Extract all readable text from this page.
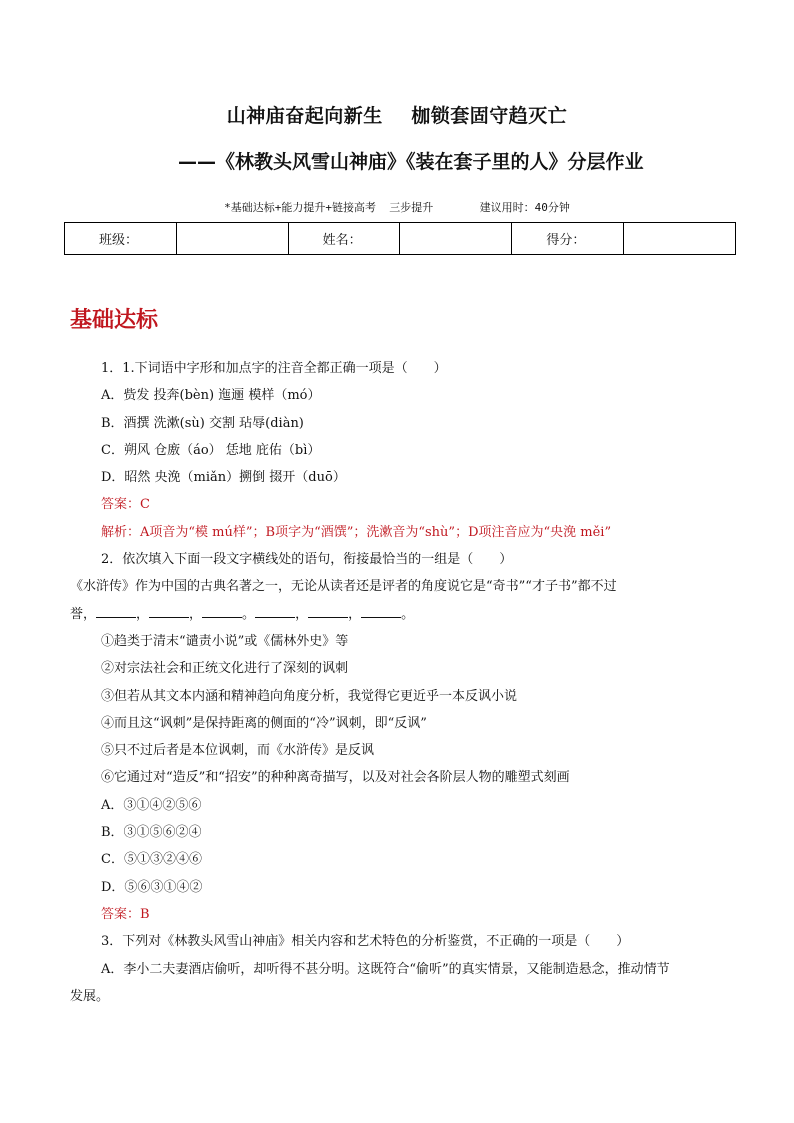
山神庙奋起向新生    枷锁套固守趋灭亡
——《林教头风雪山神庙》《装在套子里的人》分层作业
*基础达标+能力提升+链接高考  三步提升       建议用时：40分钟
班级：		姓名：		得分：	
基础达标
1．1.下词语中字形和加点字的注音全都正确一项是（　　）
A．赀发 投奔(bèn) 迤逦 模样（mó）
B．酒撰 洗漱(sù) 交割 玷辱(diàn)
C．朔风 仓廒（áo） 恁地 庇佑（bì）
D．昭然 央浼（miǎn）搠倒 掇开（duō）
答案：C
解析：A项音为“模 mú样”；B项字为“酒馔”；洗漱音为“shù”；D项注音应为“央浼 měi”
2．依次填入下面一段文字横线处的语句，衔接最恰当的一组是（　　）
《水浒传》作为中国的古典名著之一，无论从读者还是评者的角度说它是“奇书”“才子书”都不过
誉，	，	，	。	，	，	。
①趋类于清末“谴责小说”或《儒林外史》等
②对宗法社会和正统文化进行了深刻的讽刺
③但若从其文本内涵和精神趋向角度分析，我觉得它更近乎一本反讽小说
④而且这“讽刺”是保持距离的侧面的“冷”讽刺，即“反讽”
⑤只不过后者是本位讽刺，而《水浒传》是反讽
⑥它通过对“造反”和“招安”的种种离奇描写，以及对社会各阶层人物的雕塑式刻画
A．③①④②⑤⑥
B．③①⑤⑥②④
C．⑤①③②④⑥
D．⑤⑥③①④②
答案：B
3．下列对《林教头风雪山神庙》相关内容和艺术特色的分析鉴赏，不正确的一项是（　　）
A．李小二夫妻酒店偷听，却听得不甚分明。这既符合“偷听”的真实情景，又能制造悬念，推动情节
发展。
